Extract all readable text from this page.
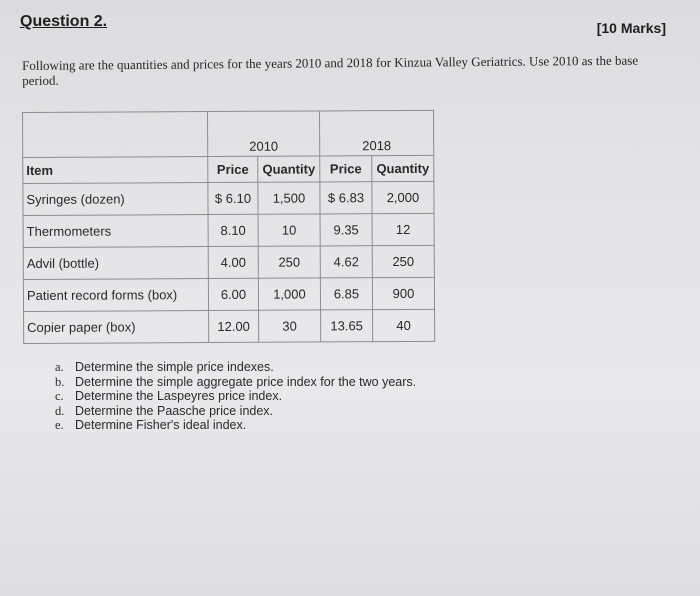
Question 2.	[10 Marks]
Following are the quantities and prices for the years 2010 and 2018 for Kinzua Valley Geriatrics. Use 2010 as the base period.
	2010		2018	
Item	Price	Quantity	Price	Quantity
Syringes (dozen)	$ 6.10	1,500	$ 6.83	2,000
Thermometers	8.10	10	9.35	12
Advil (bottle)	4.00	250	4.62	250
Patient record forms (box)	6.00	1,000	6.85	900
Copier paper (box)	12.00	30	13.65	40
a. Determine the simple price indexes.
b. Determine the simple aggregate price index for the two years.
c. Determine the Laspeyres price index.
d. Determine the Paasche price index.
e. Determine Fisher's ideal index.
